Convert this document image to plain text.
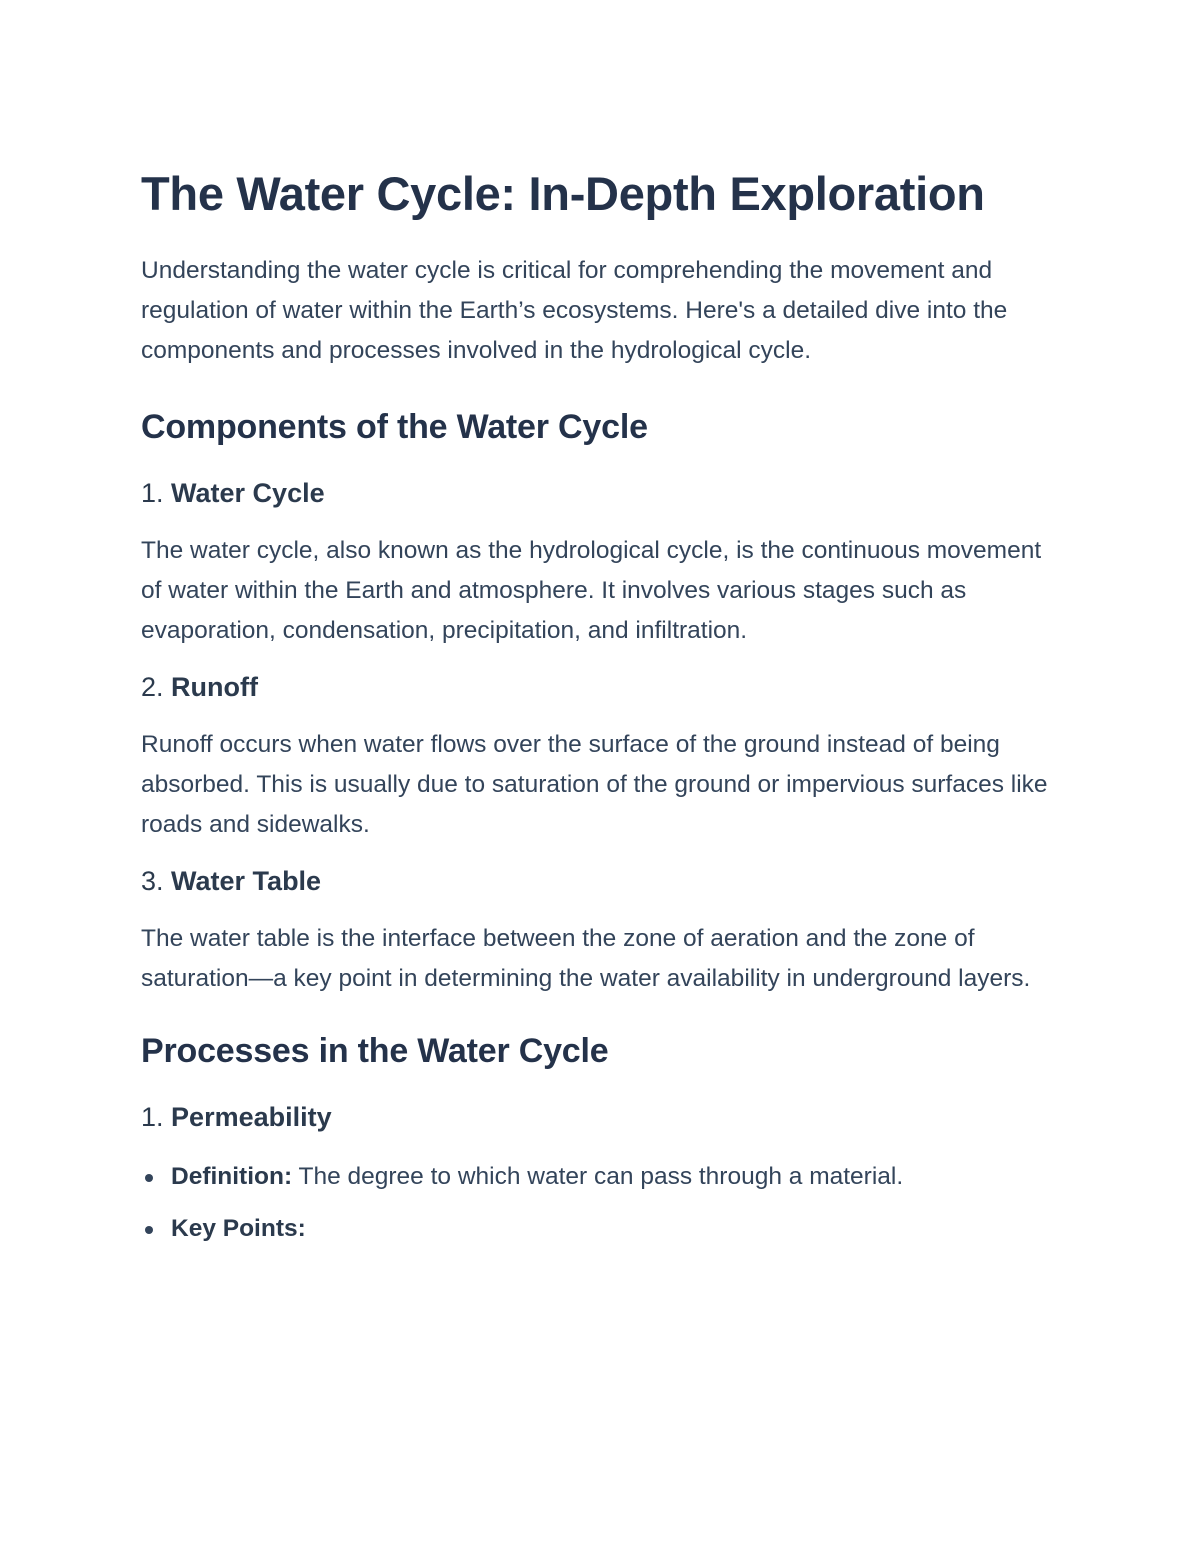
The Water Cycle: In-Depth Exploration

Understanding the water cycle is critical for comprehending the movement and regulation of water within the Earth’s ecosystems. Here's a detailed dive into the components and processes involved in the hydrological cycle.

Components of the Water Cycle
1. Water Cycle

The water cycle, also known as the hydrological cycle, is the continuous movement of water within the Earth and atmosphere. It involves various stages such as evaporation, condensation, precipitation, and infiltration.

2. Runoff

Runoff occurs when water flows over the surface of the ground instead of being absorbed. This is usually due to saturation of the ground or impervious surfaces like roads and sidewalks.

3. Water Table

The water table is the interface between the zone of aeration and the zone of saturation—a key point in determining the water availability in underground layers.

Processes in the Water Cycle
1. Permeability
Definition: The degree to which water can pass through a material.
Key Points:
